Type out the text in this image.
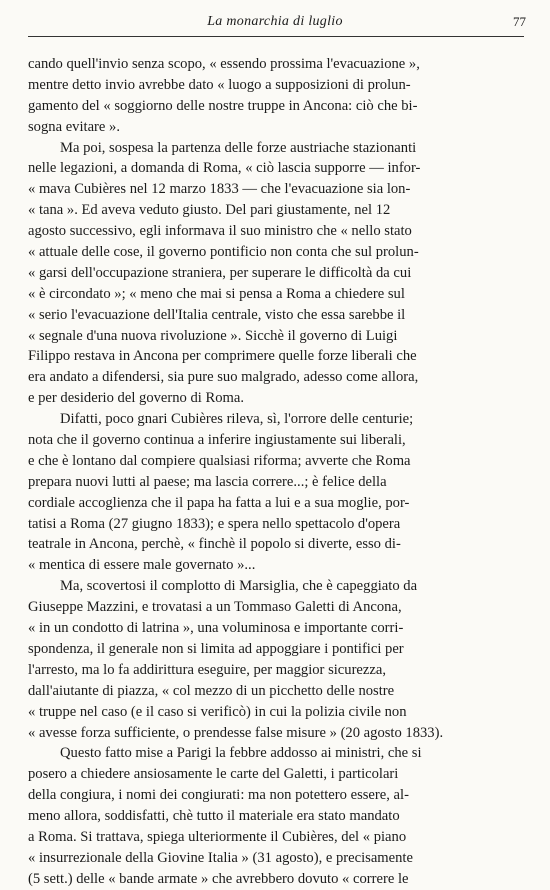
La monarchia di luglio	77
cando quell'invio senza scopo, « essendo prossima l'evacuazione »,
mentre detto invio avrebbe dato « luogo a supposizioni di prolun-
gamento del « soggiorno delle nostre truppe in Ancona: ciò che bi-
sogna evitare ».
Ma poi, sospesa la partenza delle forze austriache stazionanti
nelle legazioni, a domanda di Roma, « ciò lascia supporre — infor-
« mava Cubières nel 12 marzo 1833 — che l'evacuazione sia lon-
« tana ». Ed aveva veduto giusto. Del pari giustamente, nel 12
agosto successivo, egli informava il suo ministro che « nello stato
« attuale delle cose, il governo pontificio non conta che sul prolun-
« garsi dell'occupazione straniera, per superare le difficoltà da cui
« è circondato »; « meno che mai si pensa a Roma a chiedere sul
« serio l'evacuazione dell'Italia centrale, visto che essa sarebbe il
« segnale d'una nuova rivoluzione ». Sicchè il governo di Luigi
Filippo restava in Ancona per comprimere quelle forze liberali che
era andato a difendersi, sia pure suo malgrado, adesso come allora,
e per desiderio del governo di Roma.
Difatti, poco gnari Cubières rileva, sì, l'orrore delle centurie;
nota che il governo continua a inferire ingiustamente sui liberali,
e che è lontano dal compiere qualsiasi riforma; avverte che Roma
prepara nuovi lutti al paese; ma lascia correre...; è felice della
cordiale accoglienza che il papa ha fatta a lui e a sua moglie, por-
tatisi a Roma (27 giugno 1833); e spera nello spettacolo d'opera
teatrale in Ancona, perchè, « finchè il popolo si diverte, esso di-
« mentica di essere male governato »...
Ma, scovertosi il complotto di Marsiglia, che è capeggiato da
Giuseppe Mazzini, e trovatasi a un Tommaso Galetti di Ancona,
« in un condotto di latrina », una voluminosa e importante corri-
spondenza, il generale non si limita ad appoggiare i pontifici per
l'arresto, ma lo fa addirittura eseguire, per maggior sicurezza,
dall'aiutante di piazza, « col mezzo di un picchetto delle nostre
« truppe nel caso (e il caso si verificò) in cui la polizia civile non
« avesse forza sufficiente, o prendesse false misure » (20 agosto 1833).
Questo fatto mise a Parigi la febbre addosso ai ministri, che si
posero a chiedere ansiosamente le carte del Galetti, i particolari
della congiura, i nomi dei congiurati: ma non potettero essere, al-
meno allora, soddisfatti, chè tutto il materiale era stato mandato
a Roma. Si trattava, spiega ulteriormente il Cubières, del « piano
« insurrezionale della Giovine Italia » (31 agosto), e precisamente
(5 sett.) delle « bande armate » che avrebbero dovuto « correre le
